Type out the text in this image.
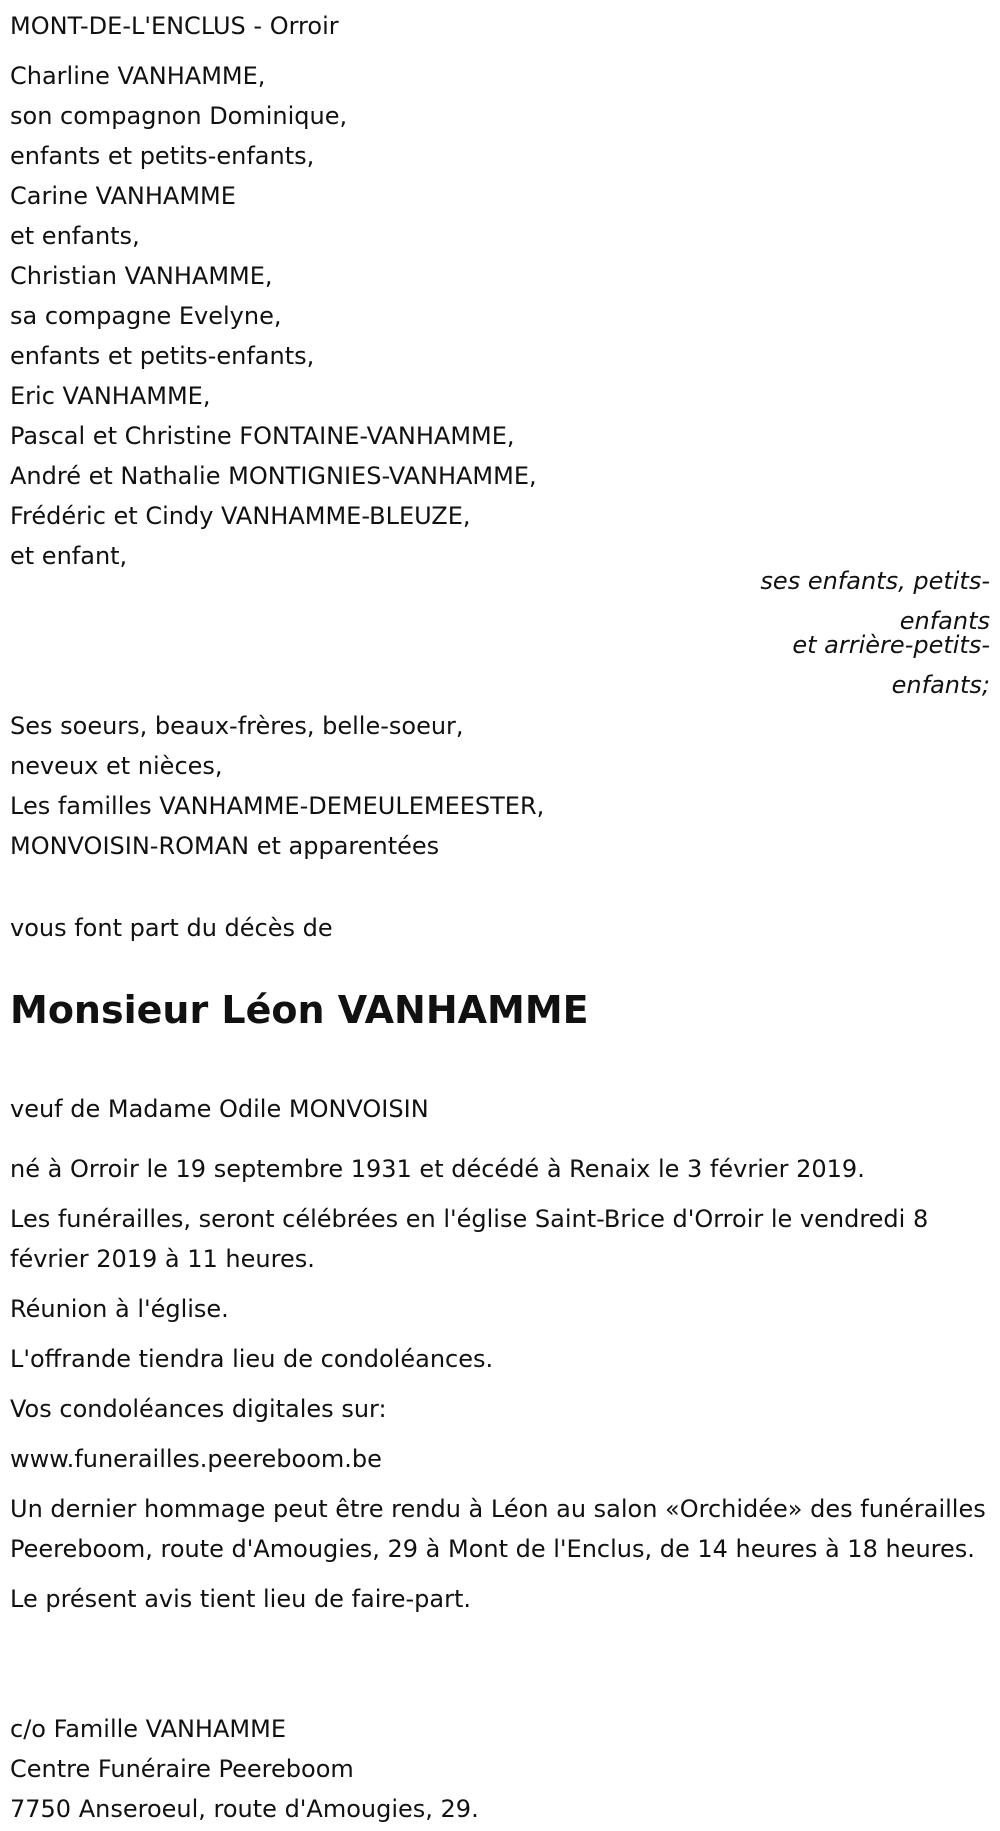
MONT-DE-L'ENCLUS - Orroir
Charline VANHAMME,
son compagnon Dominique,
enfants et petits-enfants,
Carine VANHAMME
et enfants,
Christian VANHAMME,
sa compagne Evelyne,
enfants et petits-enfants,
Eric VANHAMME,
Pascal et Christine FONTAINE-VANHAMME,
André et Nathalie MONTIGNIES-VANHAMME,
Frédéric et Cindy VANHAMME-BLEUZE,
et enfant,
ses enfants, petits-
enfants
et arrière-petits-
enfants;
Ses soeurs, beaux-frères, belle-soeur,
neveux et nièces,
Les familles VANHAMME-DEMEULEMEESTER,
MONVOISIN-ROMAN et apparentées
vous font part du décès de
Monsieur Léon VANHAMME
veuf de Madame Odile MONVOISIN
né à Orroir le 19 septembre 1931 et décédé à Renaix le 3 février 2019.
Les funérailles, seront célébrées en l'église Saint-Brice d'Orroir le vendredi 8 février 2019 à 11 heures.
Réunion à l'église.
L'offrande tiendra lieu de condoléances.
Vos condoléances digitales sur:
www.funerailles.peereboom.be
Un dernier hommage peut être rendu à Léon au salon «Orchidée» des funérailles Peereboom, route d'Amougies, 29 à Mont de l'Enclus, de 14 heures à 18 heures.
Le présent avis tient lieu de faire-part.
c/o Famille VANHAMME
Centre Funéraire Peereboom
7750 Anseroeul, route d'Amougies, 29.
